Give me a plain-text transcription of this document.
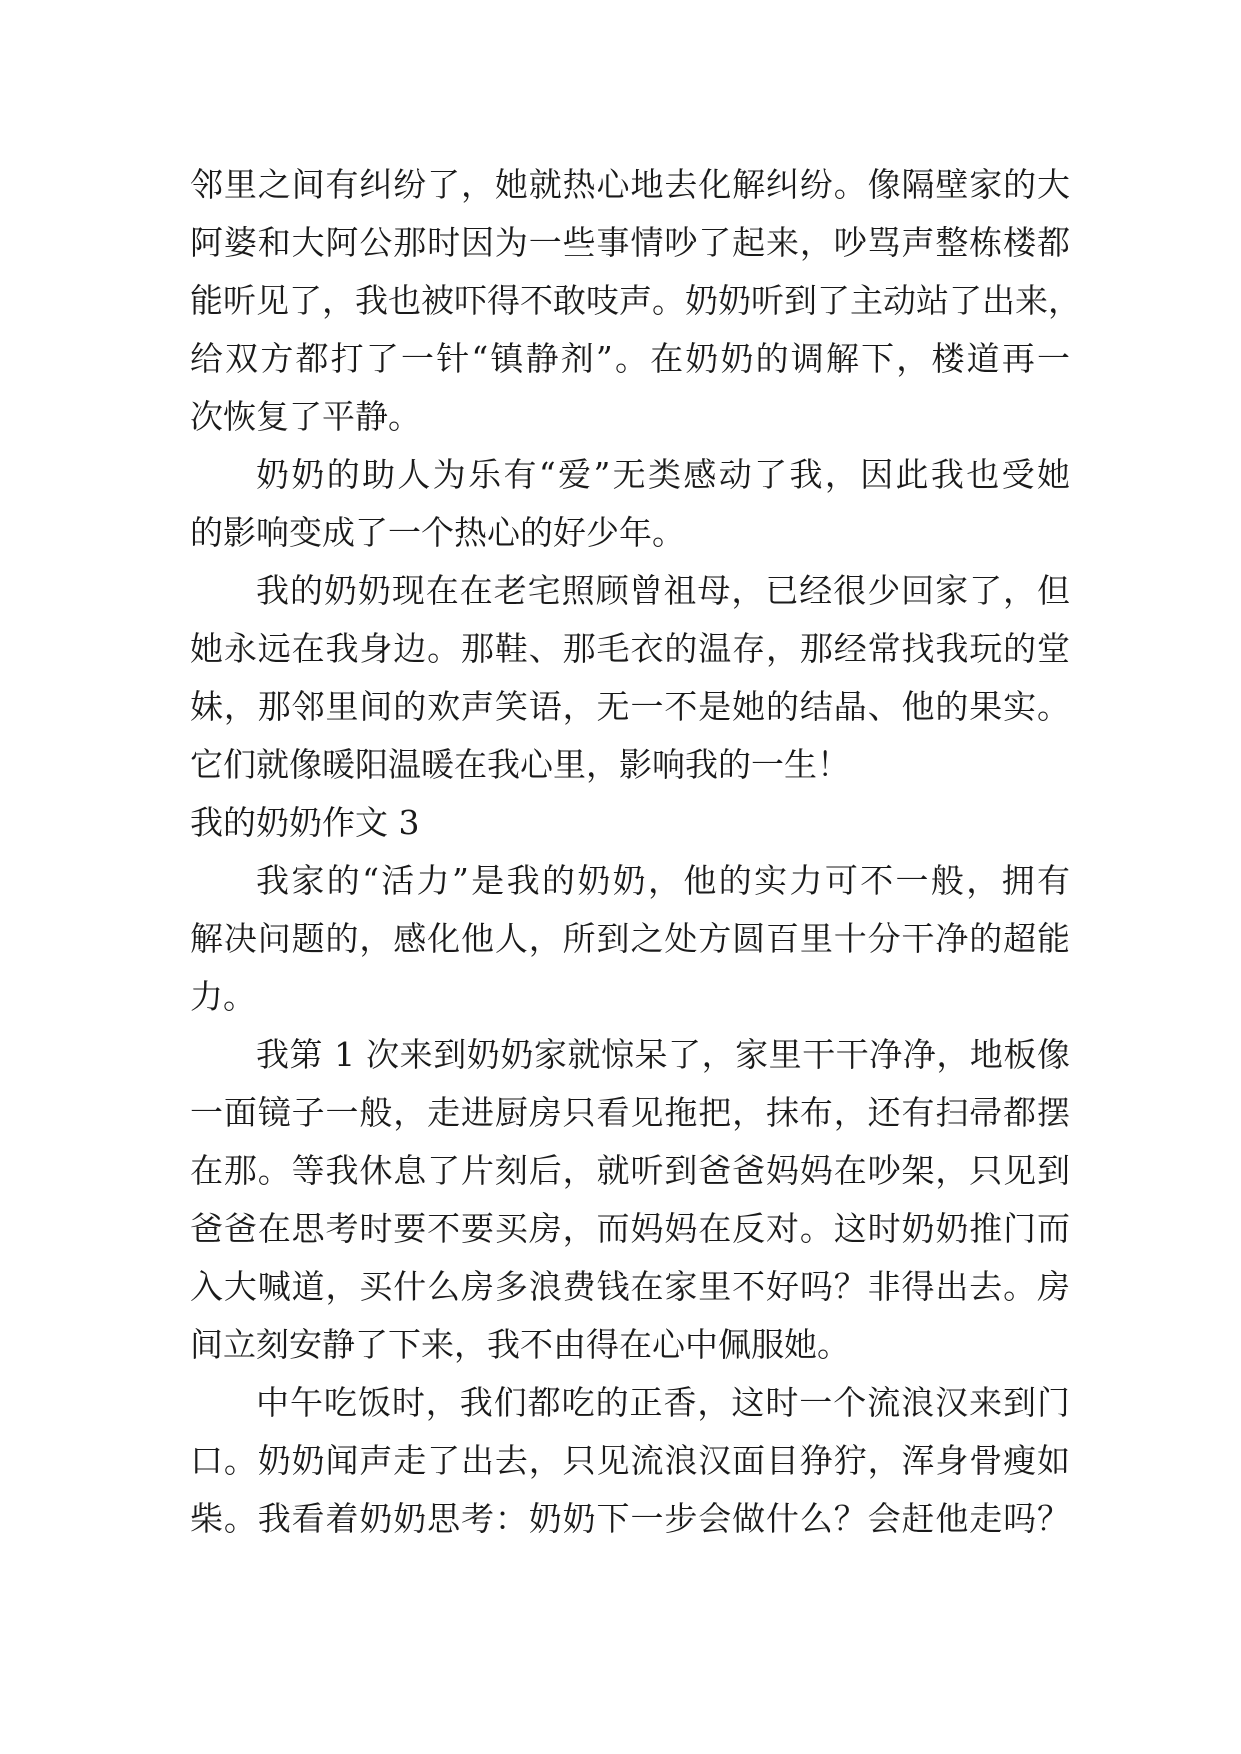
邻里之间有纠纷了，她就热心地去化解纠纷。像隔壁家的大
阿婆和大阿公那时因为一些事情吵了起来，吵骂声整栋楼都
能听见了，我也被吓得不敢吱声。奶奶听到了主动站了出来，
给双方都打了一针“镇静剂”。在奶奶的调解下，楼道再一
次恢复了平静。
奶奶的助人为乐有“爱”无类感动了我，因此我也受她
的影响变成了一个热心的好少年。
我的奶奶现在在老宅照顾曾祖母，已经很少回家了，但
她永远在我身边。那鞋、那毛衣的温存，那经常找我玩的堂
妹，那邻里间的欢声笑语，无一不是她的结晶、他的果实。
它们就像暖阳温暖在我心里，影响我的一生！
我的奶奶作文 3
我家的“活力”是我的奶奶，他的实力可不一般，拥有
解决问题的，感化他人，所到之处方圆百里十分干净的超能
力。
我第 1 次来到奶奶家就惊呆了，家里干干净净，地板像
一面镜子一般，走进厨房只看见拖把，抹布，还有扫帚都摆
在那。等我休息了片刻后，就听到爸爸妈妈在吵架，只见到
爸爸在思考时要不要买房，而妈妈在反对。这时奶奶推门而
入大喊道，买什么房多浪费钱在家里不好吗？非得出去。房
间立刻安静了下来，我不由得在心中佩服她。
中午吃饭时，我们都吃的正香，这时一个流浪汉来到门
口。奶奶闻声走了出去，只见流浪汉面目狰狞，浑身骨瘦如
柴。我看着奶奶思考：奶奶下一步会做什么？会赶他走吗？
